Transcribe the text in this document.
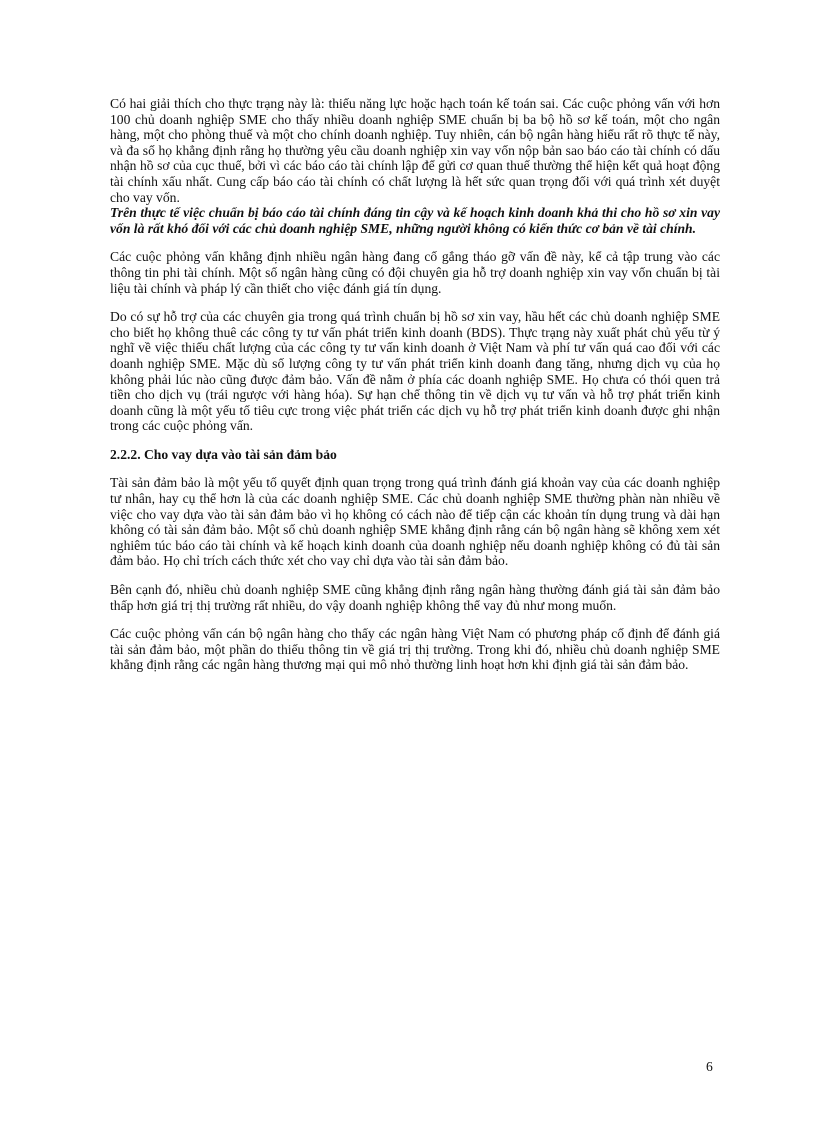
Có hai giải thích cho thực trạng này là: thiếu năng lực hoặc hạch toán kế toán sai. Các cuộc phỏng vấn với hơn 100 chủ doanh nghiệp SME cho thấy nhiều doanh nghiệp SME chuẩn bị ba bộ hồ sơ kế toán, một cho ngân hàng, một cho phòng thuế và một cho chính doanh nghiệp. Tuy nhiên, cán bộ ngân hàng hiểu rất rõ thực tế này, và đa số họ khẳng định rằng họ thường yêu cầu doanh nghiệp xin vay vốn nộp bản sao báo cáo tài chính có dấu nhận hồ sơ của cục thuế, bởi vì các báo cáo tài chính lập để gửi cơ quan thuế thường thể hiện kết quả hoạt động tài chính xấu nhất. Cung cấp báo cáo tài chính có chất lượng là hết sức quan trọng đối với quá trình xét duyệt cho vay vốn.

Trên thực tế việc chuẩn bị báo cáo tài chính đáng tin cậy và kế hoạch kinh doanh khả thi cho hồ sơ xin vay vốn là rất khó đối với các chủ doanh nghiệp SME, những người không có kiến thức cơ bản về tài chính.

Các cuộc phỏng vấn khẳng định nhiều ngân hàng đang cố gắng tháo gỡ vấn đề này, kể cả tập trung vào các thông tin phi tài chính. Một số ngân hàng cũng có đội chuyên gia hỗ trợ doanh nghiệp xin vay vốn chuẩn bị tài liệu tài chính và pháp lý cần thiết cho việc đánh giá tín dụng.

Do có sự hỗ trợ của các chuyên gia trong quá trình chuẩn bị hồ sơ xin vay, hầu hết các chủ doanh nghiệp SME cho biết họ không thuê các công ty tư vấn phát triển kinh doanh (BDS). Thực trạng này xuất phát chủ yếu từ ý nghĩ về việc thiếu chất lượng của các công ty tư vấn kinh doanh ở Việt Nam và phí tư vấn quá cao đối với các doanh nghiệp SME. Mặc dù số lượng công ty tư vấn phát triển kinh doanh đang tăng, nhưng dịch vụ của họ không phải lúc nào cũng được đảm bảo. Vấn đề nằm ở phía các doanh nghiệp SME. Họ chưa có thói quen trả tiền cho dịch vụ (trái ngược với hàng hóa). Sự hạn chế thông tin về dịch vụ tư vấn và hỗ trợ phát triển kinh doanh cũng là một yếu tố tiêu cực trong việc phát triển các dịch vụ hỗ trợ phát triển kinh doanh được ghi nhận trong các cuộc phỏng vấn.

2.2.2. Cho vay dựa vào tài sản đảm bảo

Tài sản đảm bảo là một yếu tố quyết định quan trọng trong quá trình đánh giá khoản vay của các doanh nghiệp tư nhân, hay cụ thể hơn là của các doanh nghiệp SME. Các chủ doanh nghiệp SME thường phàn nàn nhiều về việc cho vay dựa vào tài sản đảm bảo vì họ không có cách nào để tiếp cận các khoản tín dụng trung và dài hạn không có tài sản đảm bảo. Một số chủ doanh nghiệp SME khẳng định rằng cán bộ ngân hàng sẽ không xem xét nghiêm túc báo cáo tài chính và kế hoạch kinh doanh của doanh nghiệp nếu doanh nghiệp không có đủ tài sản đảm bảo. Họ chỉ trích cách thức xét cho vay chỉ dựa vào tài sản đảm bảo.

Bên cạnh đó, nhiều chủ doanh nghiệp SME cũng khẳng định rằng ngân hàng thường đánh giá tài sản đảm bảo thấp hơn giá trị thị trường rất nhiều, do vậy doanh nghiệp không thể vay đủ như mong muốn.

Các cuộc phỏng vấn cán bộ ngân hàng cho thấy các ngân hàng Việt Nam có phương pháp cố định để đánh giá tài sản đảm bảo, một phần do thiếu thông tin về giá trị thị trường. Trong khi đó, nhiều chủ doanh nghiệp SME khẳng định rằng các ngân hàng thương mại qui mô nhỏ thường linh hoạt hơn khi định giá tài sản đảm bảo.

6
